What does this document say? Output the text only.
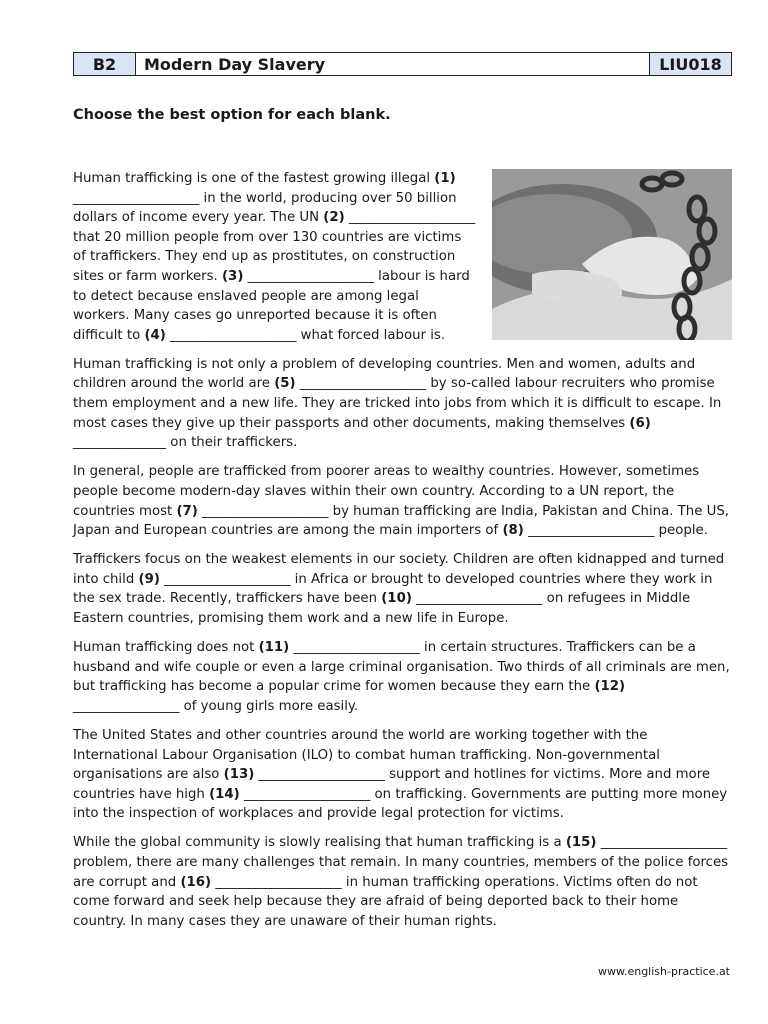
B2	Modern Day Slavery	LIU018
Choose the best option for each blank.

Human trafficking is one of the fastest growing illegal (1) ___________________ in the world, producing over 50 billion dollars of income every year. The UN (2) ___________________ that 20 million people from over 130 countries are victims of traffickers. They end up as prostitutes, on construction sites or farm workers. (3) ___________________ labour is hard to detect because enslaved people are among legal workers. Many cases go unreported because it is often difficult to (4) ___________________ what forced labour is.

Human trafficking is not only a problem of developing countries. Men and women, adults and children around the world are (5) ___________________ by so-called labour recruiters who promise them employment and a new life. They are tricked into jobs from which it is difficult to escape. In most cases they give up their passports and other documents, making themselves (6) ______________ on their traffickers.

In general, people are trafficked from poorer areas to wealthy countries. However, sometimes people become modern-day slaves within their own country. According to a UN report, the countries most (7) ___________________ by human trafficking are India, Pakistan and China. The US, Japan and European countries are among the main importers of (8) ___________________ people.

Traffickers focus on the weakest elements in our society. Children are often kidnapped and turned into child (9) ___________________ in Africa or brought to developed countries where they work in the sex trade. Recently, traffickers have been (10) ___________________ on refugees in Middle Eastern countries, promising them work and a new life in Europe.

Human trafficking does not (11) ___________________ in certain structures. Traffickers can be a husband and wife couple or even a large criminal organisation. Two thirds of all criminals are men, but trafficking has become a popular crime for women because they earn the (12) ________________ of young girls more easily.

The United States and other countries around the world are working together with the International Labour Organisation (ILO) to combat human trafficking. Non-governmental organisations are also (13) ___________________ support and hotlines for victims. More and more countries have high (14) ___________________ on trafficking. Governments are putting more money into the inspection of workplaces and provide legal protection for victims.

While the global community is slowly realising that human trafficking is a (15) ___________________ problem, there are many challenges that remain. In many countries, members of the police forces are corrupt and (16) ___________________ in human trafficking operations. Victims often do not come forward and seek help because they are afraid of being deported back to their home country. In many cases they are unaware of their human rights.

www.english-practice.at
